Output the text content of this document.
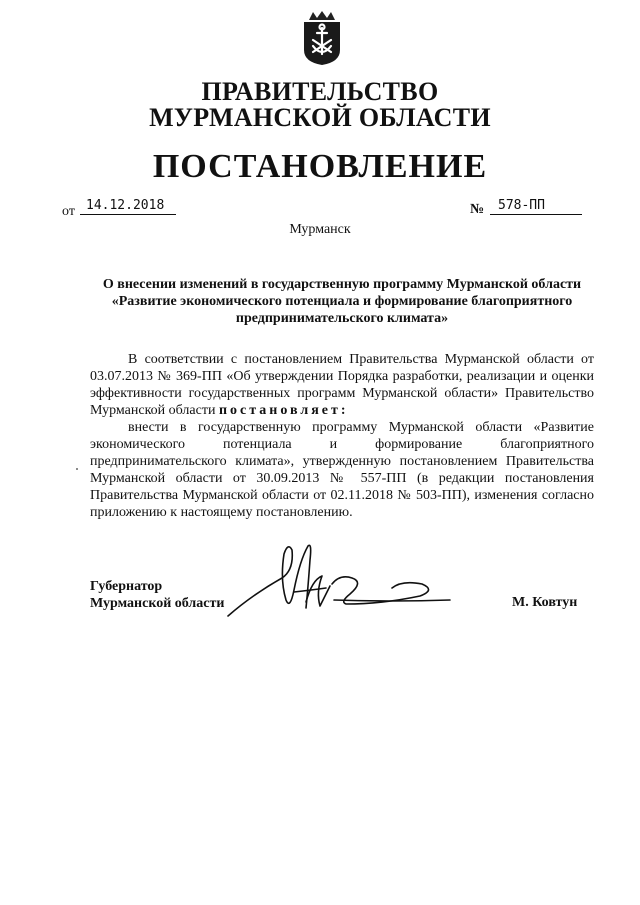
ПРАВИТЕЛЬСТВО
МУРМАНСКОЙ ОБЛАСТИ
ПОСТАНОВЛЕНИЕ
от 14.12.2018	№ 578-ПП
Мурманск
О внесении изменений в государственную программу Мурманской области
«Развитие экономического потенциала и формирование благоприятного
предпринимательского климата»
В соответствии с постановлением Правительства Мурманской области от 03.07.2013 № 369-ПП «Об утверждении Порядка разработки, реализации и оценки эффективности государственных программ Мурманской области» Правительство Мурманской области постановляет:
внести в государственную программу Мурманской области «Развитие экономического потенциала и формирование благоприятного предпринимательского климата», утвержденную постановлением Правительства Мурманской области от 30.09.2013 № 557-ПП (в редакции постановления Правительства Мурманской области от 02.11.2018 № 503-ПП), изменения согласно приложению к настоящему постановлению.
Губернатор
Мурманской области	М. Ковтун
